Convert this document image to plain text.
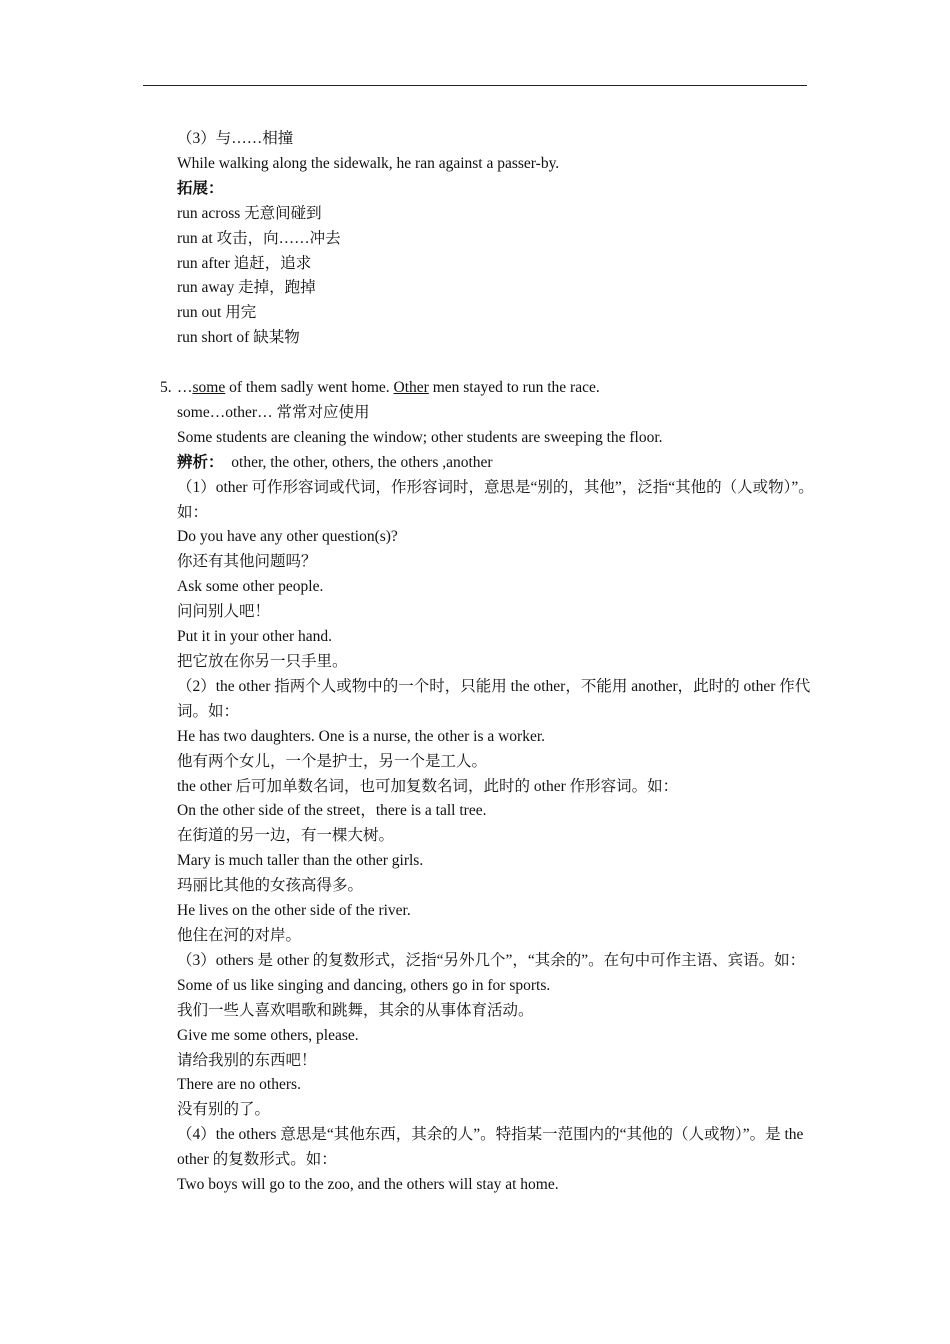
（3）与……相撞
While walking along the sidewalk, he ran against a passer-by.
拓展：
run across 无意间碰到
run at 攻击，向……冲去
run after 追赶，追求
run away 走掉，跑掉
run out 用完
run short of 缺某物
5. …some of them sadly went home. Other men stayed to run the race.
some…other… 常常对应使用
Some students are cleaning the window; other students are sweeping the floor.
辨析：  other, the other, others, the others ,another
（1）other 可作形容词或代词，作形容词时，意思是“别的，其他”，泛指“其他的（人或物）”。如：
Do you have any other question(s)?
你还有其他问题吗？
Ask some other people.
问问别人吧！
Put it in your other hand.
把它放在你另一只手里。
（2）the other 指两个人或物中的一个时，只能用 the other，不能用 another，此时的 other 作代词。如：
He has two daughters. One is a nurse, the other is a worker.
他有两个女儿，一个是护士，另一个是工人。
the other 后可加单数名词，也可加复数名词，此时的 other 作形容词。如：
On the other side of the street，there is a tall tree.
在街道的另一边，有一棵大树。
Mary is much taller than the other girls.
玛丽比其他的女孩高得多。
He lives on the other side of the river.
他住在河的对岸。
（3）others 是 other 的复数形式，泛指“另外几个”，“其余的”。在句中可作主语、宾语。如：
Some of us like singing and dancing, others go in for sports.
我们一些人喜欢唱歌和跳舞，其余的从事体育活动。
Give me some others, please.
请给我别的东西吧！
There are no others.
没有别的了。
（4）the others 意思是“其他东西，其余的人”。特指某一范围内的“其他的（人或物）”。是 the other 的复数形式。如：
Two boys will go to the zoo, and the others will stay at home.
